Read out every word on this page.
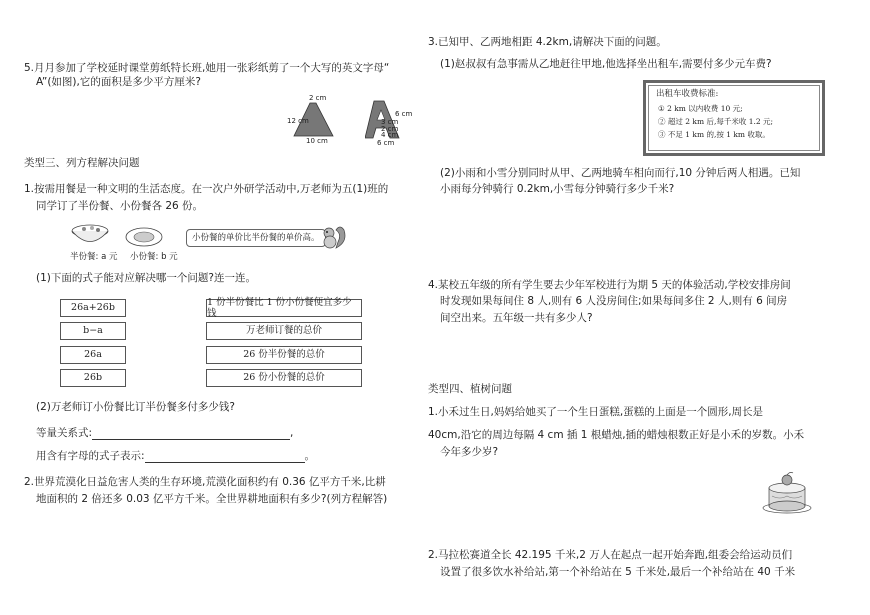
5.月月参加了学校延时课堂剪纸特长班,她用一张彩纸剪了一个大写的英文字母“
A”(如图),它的面积是多少平方厘米?
2 cm
12 cm
10 cm
6 cm
3 cm
2 cm
4 cm
6 cm
类型三、列方程解决问题
1.按需用餐是一种文明的生活态度。在一次户外研学活动中,万老师为五(1)班的
同学订了半份餐、小份餐各 26 份。
半份餐: a 元 小份餐: b 元
小份餐的单价比半份餐的单价高。
(1)下面的式子能对应解决哪一个问题?连一连。
26a+26b
b−a
26a
26b
1 份半份餐比 1 份小份餐便宜多少钱
万老师订餐的总价
26 份半份餐的总价
26 份小份餐的总价
(2)万老师订小份餐比订半份餐多付多少钱?
等量关系式:	,
用含有字母的式子表示:	。
2.世界荒漠化日益危害人类的生存环境,荒漠化面积约有 0.36 亿平方千米,比耕
地面积的 2 倍还多 0.03 亿平方千米。全世界耕地面积有多少?(列方程解答)
3.已知甲、乙两地相距 4.2km,请解决下面的问题。
(1)赵叔叔有急事需从乙地赶往甲地,他选择坐出租车,需要付多少元车费?
出租车收费标准:
① 2 km 以内收费 10 元;
② 超过 2 km 后,每千米收 1.2 元;
③ 不足 1 km 的,按 1 km 收取。
(2)小雨和小雪分别同时从甲、乙两地骑车相向而行,10 分钟后两人相遇。已知
小雨每分钟骑行 0.2km,小雪每分钟骑行多少千米?
4.某校五年级的所有学生要去少年军校进行为期 5 天的体验活动,学校安排房间
时发现如果每间住 8 人,则有 6 人没房间住;如果每间多住 2 人,则有 6 间房
间空出来。五年级一共有多少人?
类型四、植树问题
1.小禾过生日,妈妈给她买了一个生日蛋糕,蛋糕的上面是一个圆形,周长是
40cm,沿它的周边每隔 4 cm 插 1 根蜡烛,插的蜡烛根数正好是小禾的岁数。小禾
今年多少岁?
2.马拉松赛道全长 42.195 千米,2 万人在起点一起开始奔跑,组委会给运动员们
设置了很多饮水补给站,第一个补给站在 5 千米处,最后一个补给站在 40 千米
